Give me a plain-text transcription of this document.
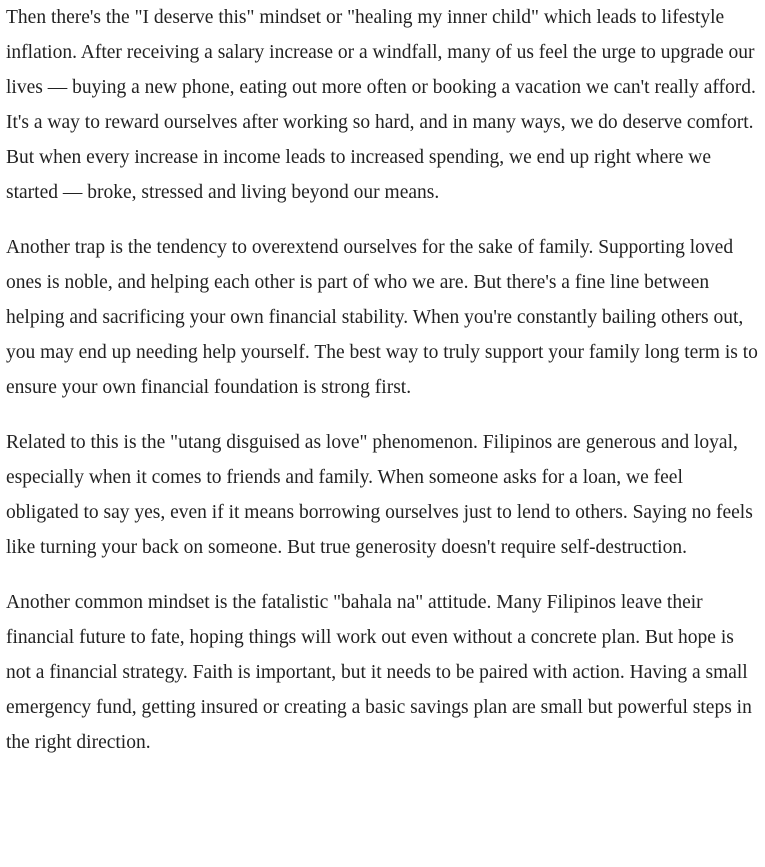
Then there's the "I deserve this" mindset or "healing my inner child" which leads to lifestyle inflation. After receiving a salary increase or a windfall, many of us feel the urge to upgrade our lives — buying a new phone, eating out more often or booking a vacation we can't really afford. It's a way to reward ourselves after working so hard, and in many ways, we do deserve comfort. But when every increase in income leads to increased spending, we end up right where we started — broke, stressed and living beyond our means.

Another trap is the tendency to overextend ourselves for the sake of family. Supporting loved ones is noble, and helping each other is part of who we are. But there's a fine line between helping and sacrificing your own financial stability. When you're constantly bailing others out, you may end up needing help yourself. The best way to truly support your family long term is to ensure your own financial foundation is strong first.

Related to this is the "utang disguised as love" phenomenon. Filipinos are generous and loyal, especially when it comes to friends and family. When someone asks for a loan, we feel obligated to say yes, even if it means borrowing ourselves just to lend to others. Saying no feels like turning your back on someone. But true generosity doesn't require self-destruction.

Another common mindset is the fatalistic "bahala na" attitude. Many Filipinos leave their financial future to fate, hoping things will work out even without a concrete plan. But hope is not a financial strategy. Faith is important, but it needs to be paired with action. Having a small emergency fund, getting insured or creating a basic savings plan are small but powerful steps in the right direction.
